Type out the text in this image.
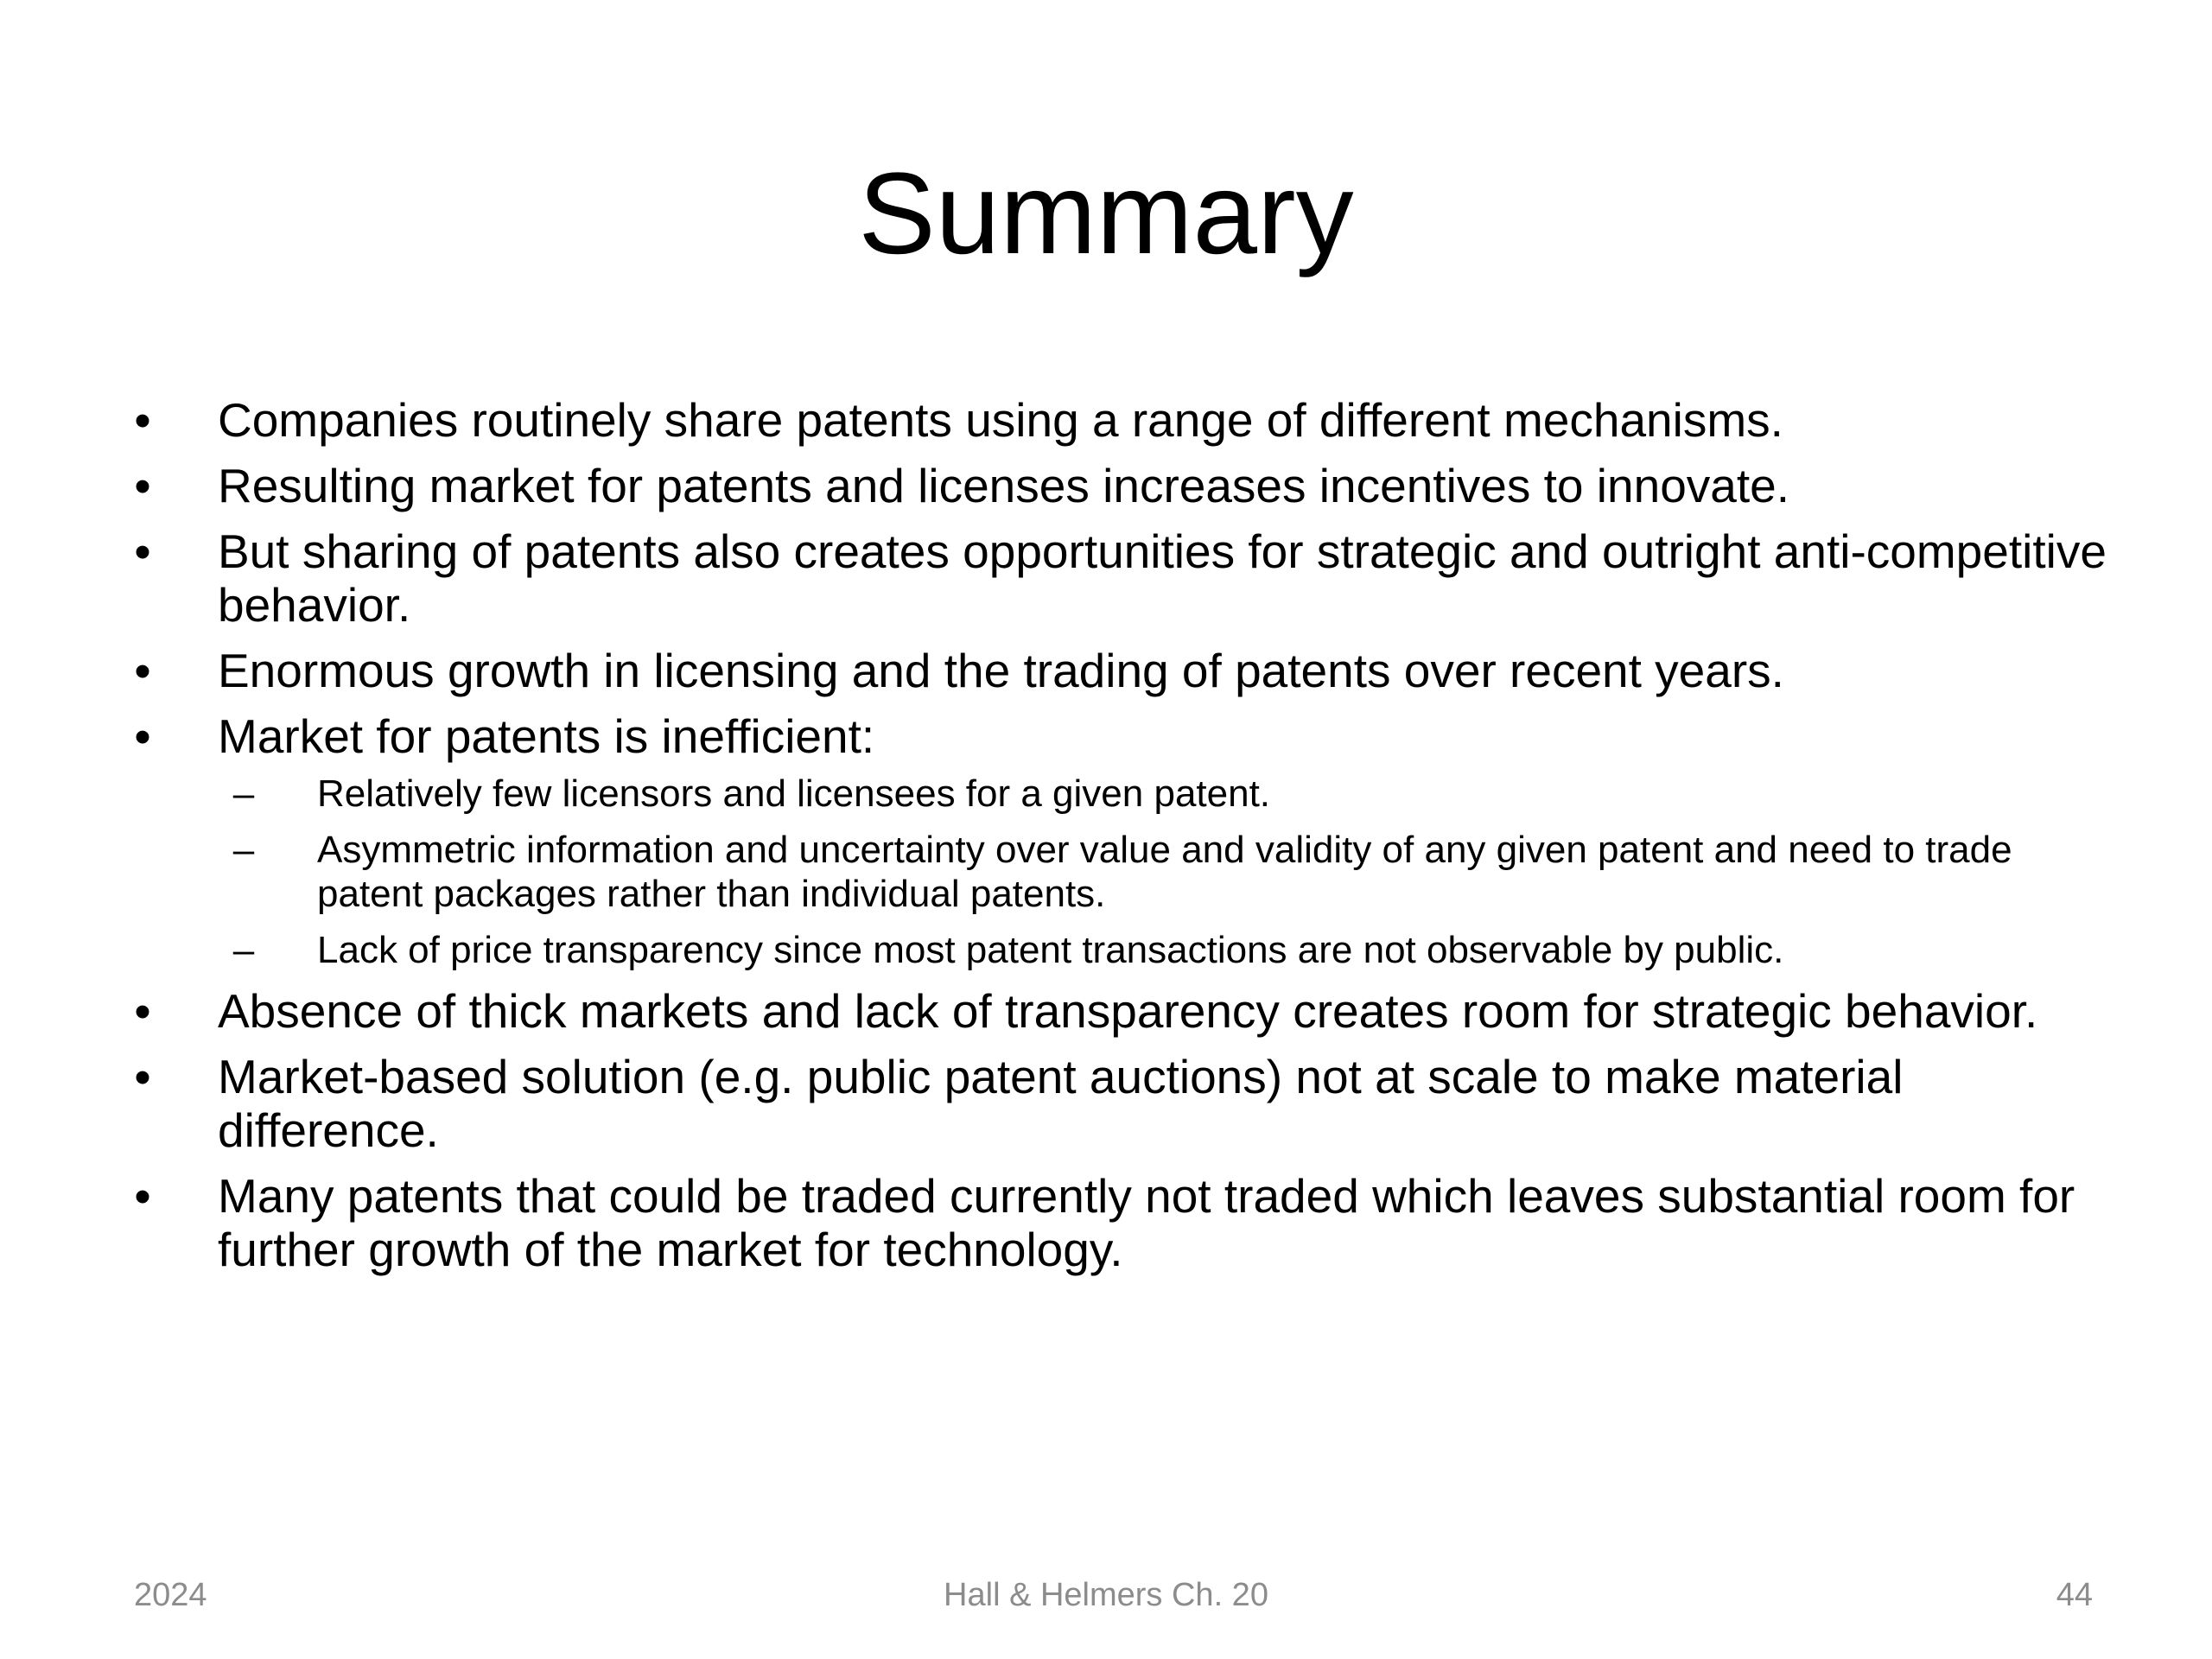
Summary
• Companies routinely share patents using a range of different mechanisms.
• Resulting market for patents and licenses increases incentives to innovate.
• But sharing of patents also creates opportunities for strategic and outright anti-competitive behavior.
• Enormous growth in licensing and the trading of patents over recent years.
• Market for patents is inefficient:
–	Relatively few licensors and licensees for a given patent.
–	Asymmetric information and uncertainty over value and validity of any given patent and need to trade patent packages rather than individual patents.
–	Lack of price transparency since most patent transactions are not observable by public.
• Absence of thick markets and lack of transparency creates room for strategic behavior.
• Market-based solution (e.g. public patent auctions) not at scale to make material difference.
• Many patents that could be traded currently not traded which leaves substantial room for further growth of the market for technology.
2024	Hall & Helmers Ch. 20	44
